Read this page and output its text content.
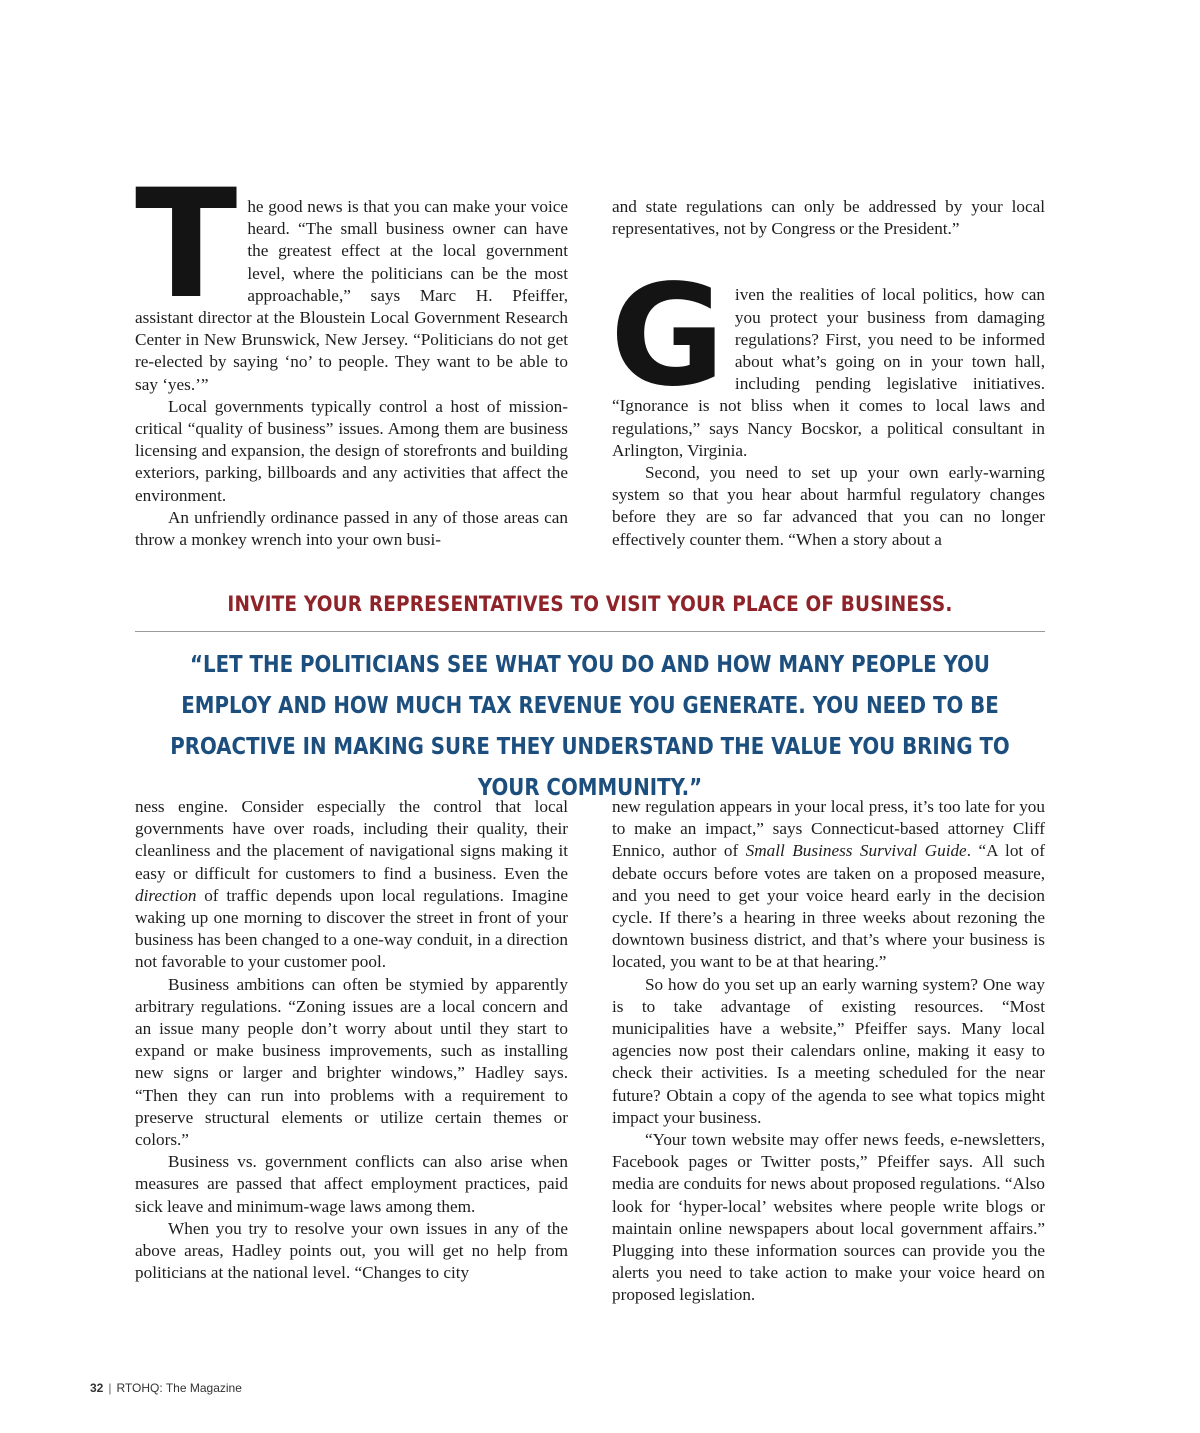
The good news is that you can make your voice heard. “The small business owner can have the greatest effect at the local government level, where the politicians can be the most approachable,” says Marc H. Pfeiffer, assistant director at the Bloustein Local Government Research Center in New Brunswick, New Jersey. “Politicians do not get re-elected by saying ‘no’ to people. They want to be able to say ‘yes.’”

Local governments typically control a host of mission-critical “quality of business” issues. Among them are business licensing and expansion, the design of storefronts and building exteriors, parking, billboards and any activities that affect the environment.

An unfriendly ordinance passed in any of those areas can throw a monkey wrench into your own busi-

and state regulations can only be addressed by your local representatives, not by Congress or the President.”

Given the realities of local politics, how can you protect your business from damaging regulations? First, you need to be informed about what’s going on in your town hall, including pending legislative initiatives. “Ignorance is not bliss when it comes to local laws and regulations,” says Nancy Bocskor, a political consultant in Arlington, Virginia.

Second, you need to set up your own early-warning system so that you hear about harmful regulatory changes before they are so far advanced that you can no longer effectively counter them. “When a story about a

INVITE YOUR REPRESENTATIVES TO VISIT YOUR PLACE OF BUSINESS.
“LET THE POLITICIANS SEE WHAT YOU DO AND HOW MANY PEOPLE YOU EMPLOY AND HOW MUCH TAX REVENUE YOU GENERATE. YOU NEED TO BE PROACTIVE IN MAKING SURE THEY UNDERSTAND THE VALUE YOU BRING TO YOUR COMMUNITY.”

ness engine. Consider especially the control that local governments have over roads, including their quality, their cleanliness and the placement of navigational signs making it easy or difficult for customers to find a business. Even the direction of traffic depends upon local regulations. Imagine waking up one morning to discover the street in front of your business has been changed to a one-way conduit, in a direction not favorable to your customer pool.

Business ambitions can often be stymied by apparently arbitrary regulations. “Zoning issues are a local concern and an issue many people don’t worry about until they start to expand or make business improvements, such as installing new signs or larger and brighter windows,” Hadley says. “Then they can run into problems with a requirement to preserve structural elements or utilize certain themes or colors.”

Business vs. government conflicts can also arise when measures are passed that affect employment practices, paid sick leave and minimum-wage laws among them.

When you try to resolve your own issues in any of the above areas, Hadley points out, you will get no help from politicians at the national level. “Changes to city

new regulation appears in your local press, it’s too late for you to make an impact,” says Connecticut-based attorney Cliff Ennico, author of Small Business Survival Guide. “A lot of debate occurs before votes are taken on a proposed measure, and you need to get your voice heard early in the decision cycle. If there’s a hearing in three weeks about rezoning the downtown business district, and that’s where your business is located, you want to be at that hearing.”

So how do you set up an early warning system? One way is to take advantage of existing resources. “Most municipalities have a website,” Pfeiffer says. Many local agencies now post their calendars online, making it easy to check their activities. Is a meeting scheduled for the near future? Obtain a copy of the agenda to see what topics might impact your business.

“Your town website may offer news feeds, e-newsletters, Facebook pages or Twitter posts,” Pfeiffer says. All such media are conduits for news about proposed regulations. “Also look for ‘hyper-local’ websites where people write blogs or maintain online newspapers about local government affairs.” Plugging into these information sources can provide you the alerts you need to take action to make your voice heard on proposed legislation.

32 | RTOHQ: The Magazine
